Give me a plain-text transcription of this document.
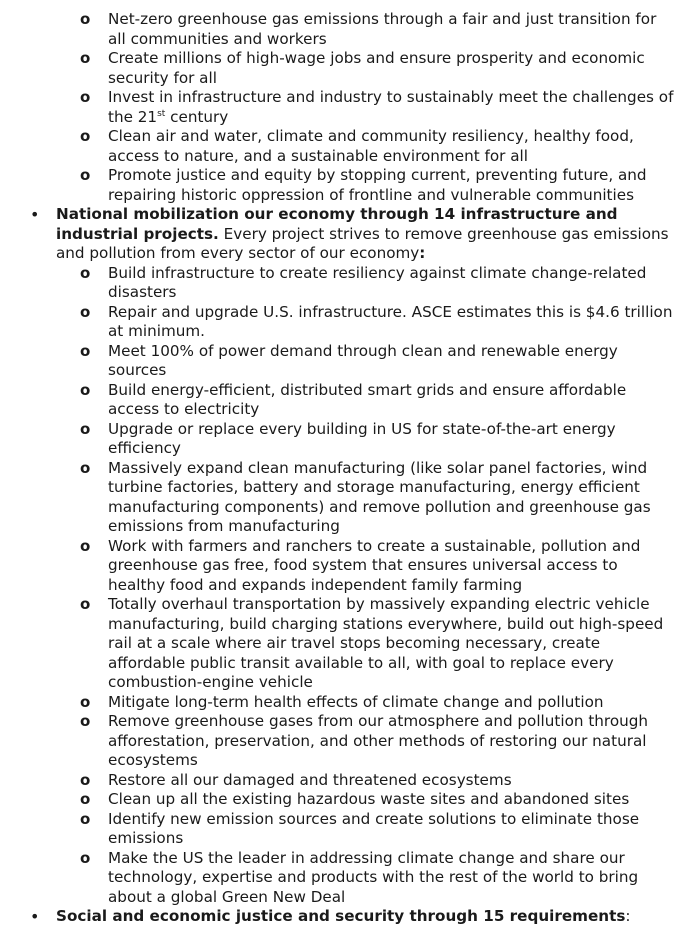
o Net-zero greenhouse gas emissions through a fair and just transition for all communities and workers
o Create millions of high-wage jobs and ensure prosperity and economic security for all
o Invest in infrastructure and industry to sustainably meet the challenges of the 21st century
o Clean air and water, climate and community resiliency, healthy food, access to nature, and a sustainable environment for all
o Promote justice and equity by stopping current, preventing future, and repairing historic oppression of frontline and vulnerable communities
• National mobilization our economy through 14 infrastructure and industrial projects. Every project strives to remove greenhouse gas emissions and pollution from every sector of our economy:
o Build infrastructure to create resiliency against climate change-related disasters
o Repair and upgrade U.S. infrastructure. ASCE estimates this is $4.6 trillion at minimum.
o Meet 100% of power demand through clean and renewable energy sources
o Build energy-efficient, distributed smart grids and ensure affordable access to electricity
o Upgrade or replace every building in US for state-of-the-art energy efficiency
o Massively expand clean manufacturing (like solar panel factories, wind turbine factories, battery and storage manufacturing, energy efficient manufacturing components) and remove pollution and greenhouse gas emissions from manufacturing
o Work with farmers and ranchers to create a sustainable, pollution and greenhouse gas free, food system that ensures universal access to healthy food and expands independent family farming
o Totally overhaul transportation by massively expanding electric vehicle manufacturing, build charging stations everywhere, build out high-speed rail at a scale where air travel stops becoming necessary, create affordable public transit available to all, with goal to replace every combustion-engine vehicle
o Mitigate long-term health effects of climate change and pollution
o Remove greenhouse gases from our atmosphere and pollution through afforestation, preservation, and other methods of restoring our natural ecosystems
o Restore all our damaged and threatened ecosystems
o Clean up all the existing hazardous waste sites and abandoned sites
o Identify new emission sources and create solutions to eliminate those emissions
o Make the US the leader in addressing climate change and share our technology, expertise and products with the rest of the world to bring about a global Green New Deal
• Social and economic justice and security through 15 requirements:
